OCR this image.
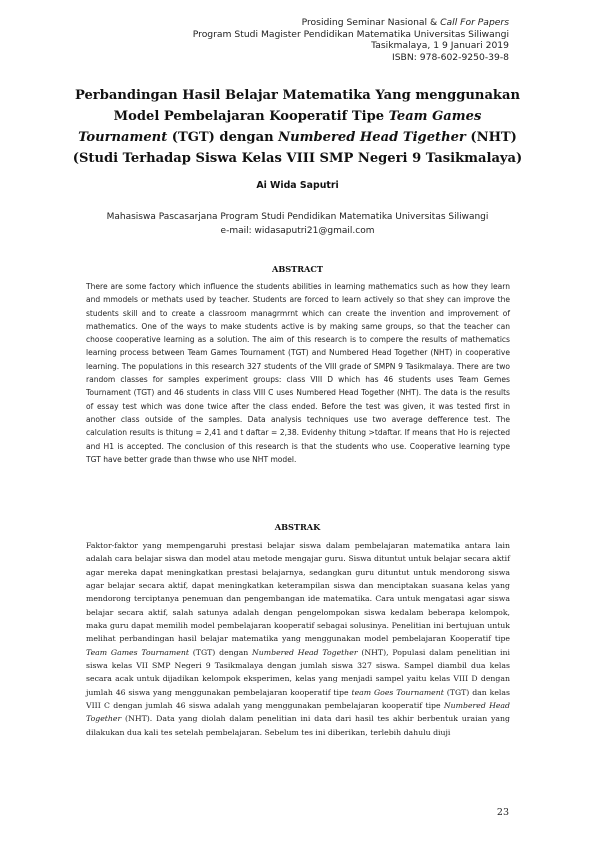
Prosiding Seminar Nasional & Call For Papers
Program Studi Magister Pendidikan Matematika Universitas Siliwangi
Tasikmalaya, 1 9 Januari 2019
ISBN: 978-602-9250-39-8
Perbandingan Hasil Belajar Matematika Yang menggunakan
Model Pembelajaran Kooperatif Tipe Team Games
Tournament (TGT) dengan Numbered Head Tigether (NHT)
(Studi Terhadap Siswa Kelas VIII SMP Negeri 9 Tasikmalaya)
Ai Wida Saputri
Mahasiswa Pascasarjana Program Studi Pendidikan Matematika Universitas Siliwangi
e-mail: widasaputri21@gmail.com
ABSTRACT

There are some factory which influence the students abilities in learning mathematics such as how they learn and mmodels or methats used by teacher. Students are forced to learn actively so that shey can improve the students skill and to create a classroom managrmrnt which can create the invention and improvement of mathematics. One of the ways to make students active is by making same groups, so that the teacher can choose cooperative learning as a solution. The aim of this research is to compere the results of mathematics learning process between Team Games Tournament (TGT) and Numbered Head Together (NHT) in cooperative learning. The populations in this research 327 students of the VIII grade of SMPN 9 Tasikmalaya. There are two random classes for samples experiment groups: class VIII D which has 46 students uses Team Gemes Tournament (TGT) and 46 students in class VIII C uses Numbered Head Together (NHT). The data is the results of essay test which was done twice after the class ended. Before the test was given, it was tested first in another class outside of the samples. Data analysis techniques use two average defference test. The calculation results is thitung = 2,41 and t daftar = 2,38. Evidenhy thitung >tdaftar. If means that Ho is rejected and H1 is accepted. The conclusion of this research is that the students who use. Cooperative learning type TGT have better grade than thwse who use NHT model.

ABSTRAK

Faktor-faktor yang mempengaruhi prestasi belajar siswa dalam pembelajaran matematika antara lain adalah cara belajar siswa dan model atau metode mengajar guru. Siswa dituntut untuk belajar secara aktif agar mereka dapat meningkatkan prestasi belajarnya, sedangkan guru dituntut untuk mendorong siswa agar belajar secara aktif, dapat meningkatkan keterampilan siswa dan menciptakan suasana kelas yang mendorong terciptanya penemuan dan pengembangan ide matematika. Cara untuk mengatasi agar siswa belajar secara aktif, salah satunya adalah dengan pengelompokan siswa kedalam beberapa kelompok, maka guru dapat memilih model pembelajaran kooperatif sebagai solusinya. Penelitian ini bertujuan untuk melihat perbandingan hasil belajar matematika yang menggunakan model pembelajaran Kooperatif tipe Team Games Tournament (TGT) dengan Numbered Head Together (NHT), Populasi dalam penelitian ini siswa kelas VII SMP Negeri 9 Tasikmalaya dengan jumlah siswa 327 siswa. Sampel diambil dua kelas secara acak untuk dijadikan kelompok eksperimen, kelas yang menjadi sampel yaitu kelas VIII D dengan jumlah 46 siswa yang menggunakan pembelajaran kooperatif tipe team Goes Tournament (TGT) dan kelas VIII C dengan jumlah 46 siswa adalah yang menggunakan pembelajaran kooperatif tipe Numbered Head Together (NHT). Data yang diolah dalam penelitian ini data dari hasil tes akhir berbentuk uraian yang dilakukan dua kali tes setelah pembelajaran. Sebelum tes ini diberikan, terlebih dahulu diuji

23
